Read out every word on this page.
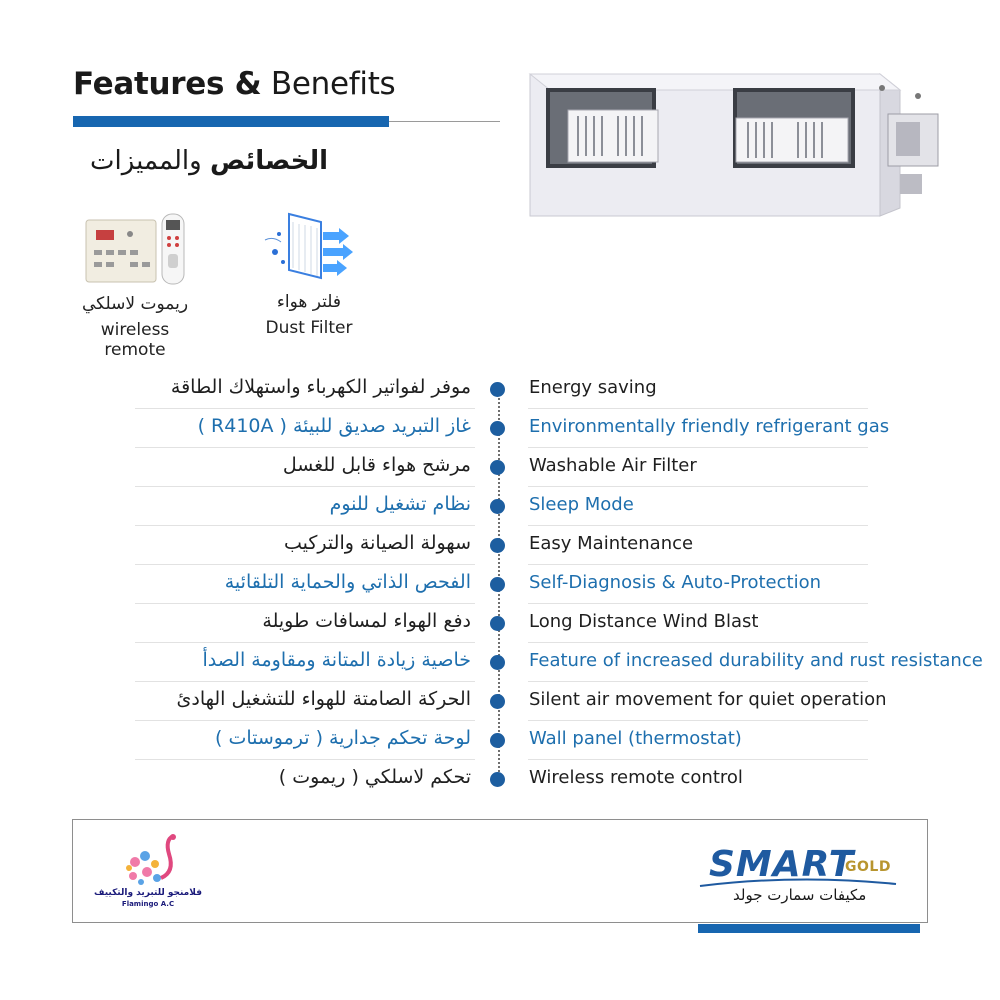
Features & Benefits
الخصائص والمميزات
ريموت لاسلكي
wireless remote
فلتر هواء
Dust Filter
موفر لفواتير الكهرباء واستهلاك الطاقة	Energy saving
غاز التبريد صديق للبيئة ( R410A )	Environmentally friendly refrigerant gas
مرشح هواء قابل للغسل	Washable Air Filter
نظام تشغيل للنوم	Sleep Mode
سهولة الصيانة والتركيب	Easy Maintenance
الفحص الذاتي والحماية التلقائية	Self-Diagnosis & Auto-Protection
دفع الهواء لمسافات طويلة	Long Distance Wind Blast
خاصية زيادة المتانة ومقاومة الصدأ	Feature of increased durability and rust resistance
الحركة الصامتة للهواء للتشغيل الهادئ	Silent air movement for quiet operation
لوحة تحكم جدارية ( ترموستات )	Wall panel (thermostat)
تحكم لاسلكي ( ريموت )	Wireless remote control
فلامنجو للتبريد والتكييف
Flamingo A.C
SMART
GOLD
مكيفات سمارت جولد
